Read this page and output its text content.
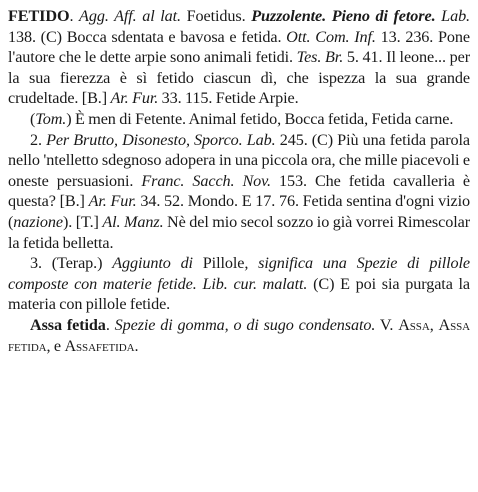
FETIDO. Agg. Aff. al lat. Foetidus. Puzzolente. Pieno di fetore. Lab. 138. (C) Bocca sdentata e bavosa e fetida. Ott. Com. Inf. 13. 236. Pone l'autore che le dette arpie sono animali fetidi. Tes. Br. 5. 41. Il leone... per la sua fierezza è sì fetido ciascun dì, che ispezza la sua grande crudeltade. [B.] Ar. Fur. 33. 115. Fetide Arpie.

(Tom.) È men di Fetente. Animal fetido, Bocca fetida, Fetida carne.

2. Per Brutto, Disonesto, Sporco. Lab. 245. (C) Più una fetida parola nello 'ntelletto sdegnoso adopera in una piccola ora, che mille piacevoli e oneste persuasioni. Franc. Sacch. Nov. 153. Che fetida cavalleria è questa? [B.] Ar. Fur. 34. 52. Mondo. E 17. 76. Fetida sentina d'ogni vizio (nazione). [T.] Al. Manz. Nè del mio secol sozzo io già vorrei Rimescolar la fetida belletta.

3. (Terap.) Aggiunto di Pillole, significa una Spezie di pillole composte con materie fetide. Lib. cur. malatt. (C) E poi sia purgata la materia con pillole fetide.

Assa fetida. Spezie di gomma, o di sugo condensato. V. Assa, Assa fetida, e Assafetida.
